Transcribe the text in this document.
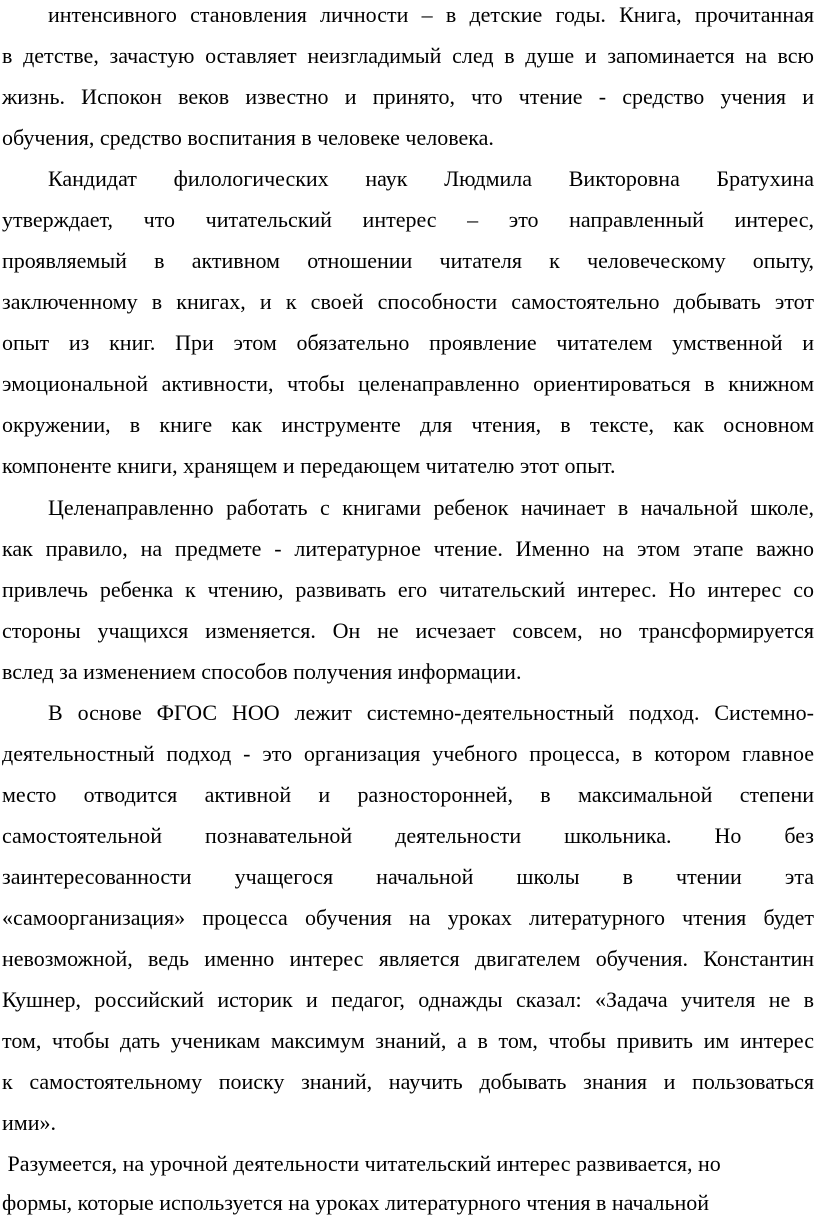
интенсивного становления личности – в детские годы. Книга, прочитанная
в детстве, зачастую оставляет неизгладимый след в душе и запоминается на всю
жизнь. Испокон веков известно и принято, что чтение - средство учения и
обучения, средство воспитания в человеке человека.
Кандидат филологических наук Людмила Викторовна Братухина
утверждает, что читательский интерес – это направленный интерес,
проявляемый в активном отношении читателя к человеческому опыту,
заключенному в книгах, и к своей способности самостоятельно добывать этот
опыт из книг. При этом обязательно проявление читателем умственной и
эмоциональной активности, чтобы целенаправленно ориентироваться в книжном
окружении, в книге как инструменте для чтения, в тексте, как основном
компоненте книги, хранящем и передающем читателю этот опыт.
Целенаправленно работать с книгами ребенок начинает в начальной школе,
как правило, на предмете - литературное чтение. Именно на этом этапе важно
привлечь ребенка к чтению, развивать его читательский интерес. Но интерес со
стороны учащихся изменяется. Он не исчезает совсем, но трансформируется
вслед за изменением способов получения информации.
В основе ФГОС НОО лежит системно-деятельностный подход. Системно-
деятельностный подход - это организация учебного процесса, в котором главное
место отводится активной и разносторонней, в максимальной степени
самостоятельной познавательной деятельности школьника. Но без
заинтересованности учащегося начальной школы в чтении эта
«самоорганизация» процесса обучения на уроках литературного чтения будет
невозможной, ведь именно интерес является двигателем обучения. Константин
Кушнер, российский историк и педагог, однажды сказал: «Задача учителя не в
том, чтобы дать ученикам максимум знаний, а в том, чтобы привить им интерес
к самостоятельному поиску знаний, научить добывать знания и пользоваться
ими».
Разумеется, на урочной деятельности читательский интерес развивается, но
формы, которые используется на уроках литературного чтения в начальной
